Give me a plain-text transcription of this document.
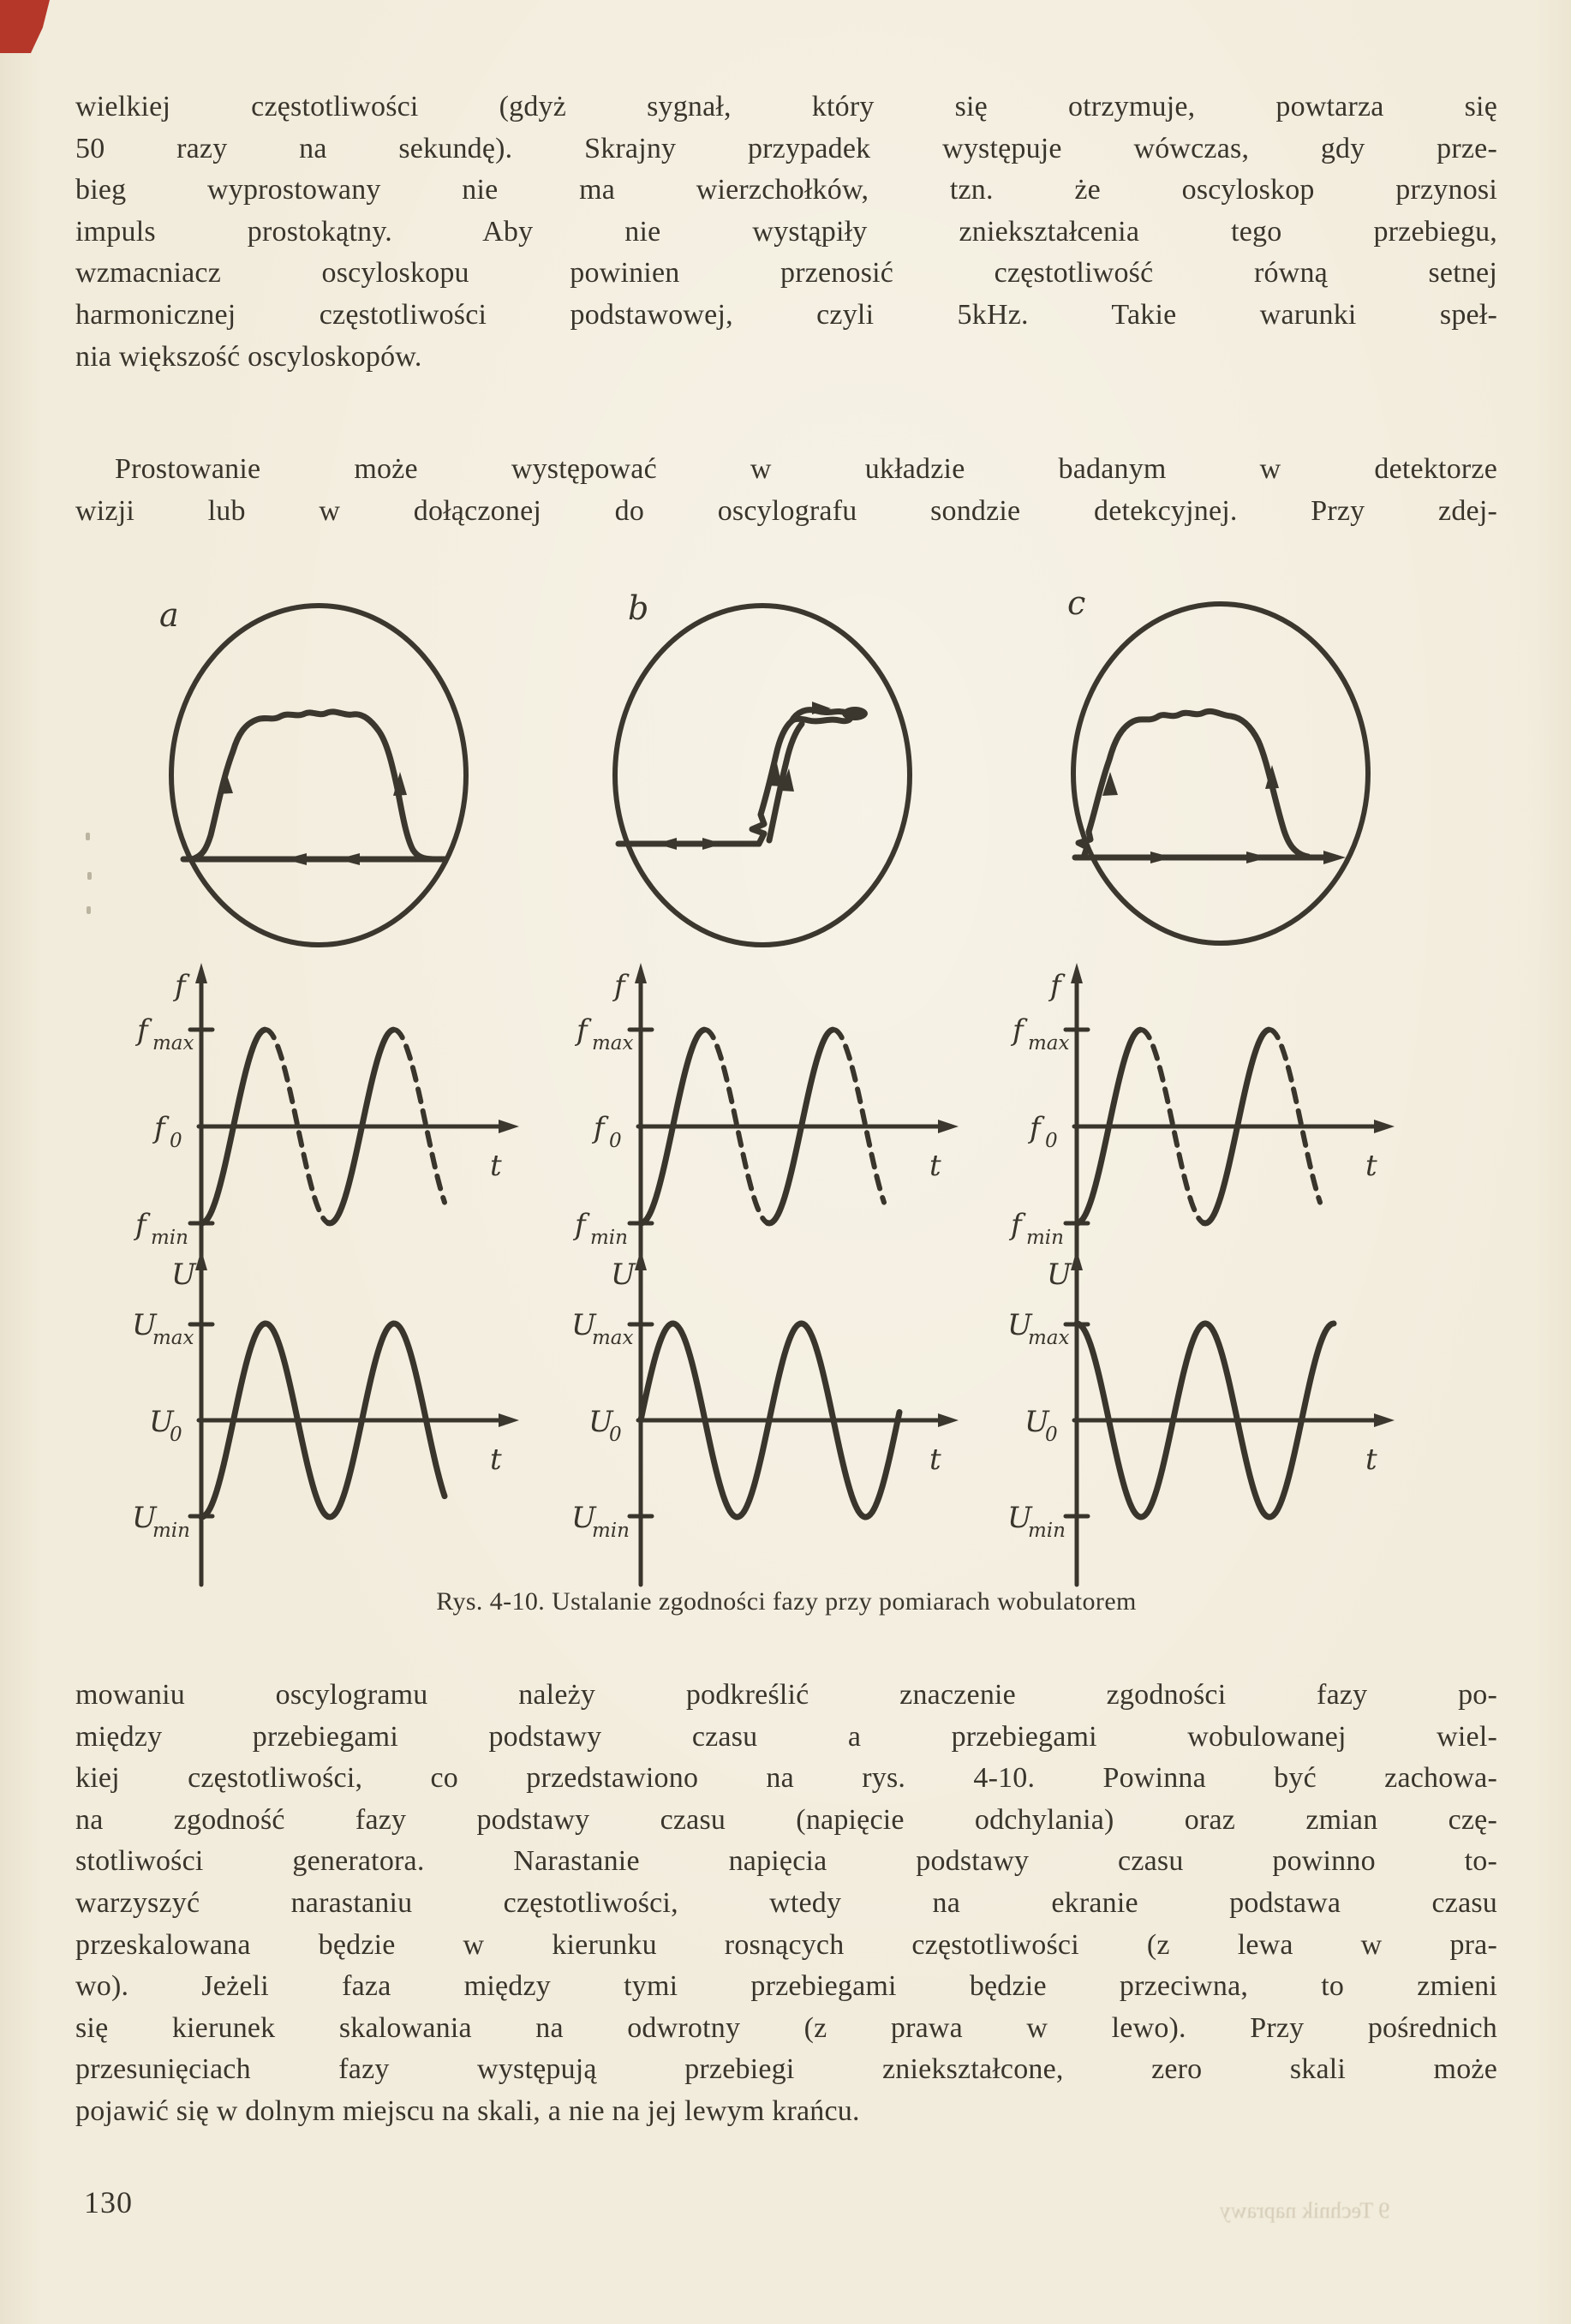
wielkiej częstotliwości (gdyż sygnał, który się otrzymuje, powtarza się
50 razy na sekundę). Skrajny przypadek występuje wówczas, gdy prze-
bieg wyprostowany nie ma wierzchołków, tzn. że oscyloskop przynosi
impuls prostokątny. Aby nie wystąpiły zniekształcenia tego przebiegu,
wzmacniacz oscyloskopu powinien przenosić częstotliwość równą setnej
harmonicznej częstotliwości podstawowej, czyli 5kHz. Takie warunki speł-
nia większość oscyloskopów.
Prostowanie może występować w układzie badanym w detektorze
wizji lub w dołączonej do oscylografu sondzie detekcyjnej. Przy zdej-
a	b	c
f
t
f max
f 0
f min
f
t
f max
f 0
f min
f
t
f max
f 0
f min
U
t
U
max
U
0
U
min
U
t
U
max
U
0
U
min
U
t
U
max
U
0
U
min
Rys. 4-10. Ustalanie zgodności fazy przy pomiarach wobulatorem
mowaniu oscylogramu należy podkreślić znaczenie zgodności fazy po-
między przebiegami podstawy czasu a przebiegami wobulowanej wiel-
kiej częstotliwości, co przedstawiono na rys. 4-10. Powinna być zachowa-
na zgodność fazy podstawy czasu (napięcie odchylania) oraz zmian czę-
stotliwości generatora. Narastanie napięcia podstawy czasu powinno to-
warzyszyć narastaniu częstotliwości, wtedy na ekranie podstawa czasu
przeskalowana będzie w kierunku rosnących częstotliwości (z lewa w pra-
wo). Jeżeli faza między tymi przebiegami będzie przeciwna, to zmieni
się kierunek skalowania na odwrotny (z prawa w lewo). Przy pośrednich
przesunięciach fazy występują przebiegi zniekształcone, zero skali może
pojawić się w dolnym miejscu na skali, a nie na jej lewym krańcu.
130	9 Technik naprawy
